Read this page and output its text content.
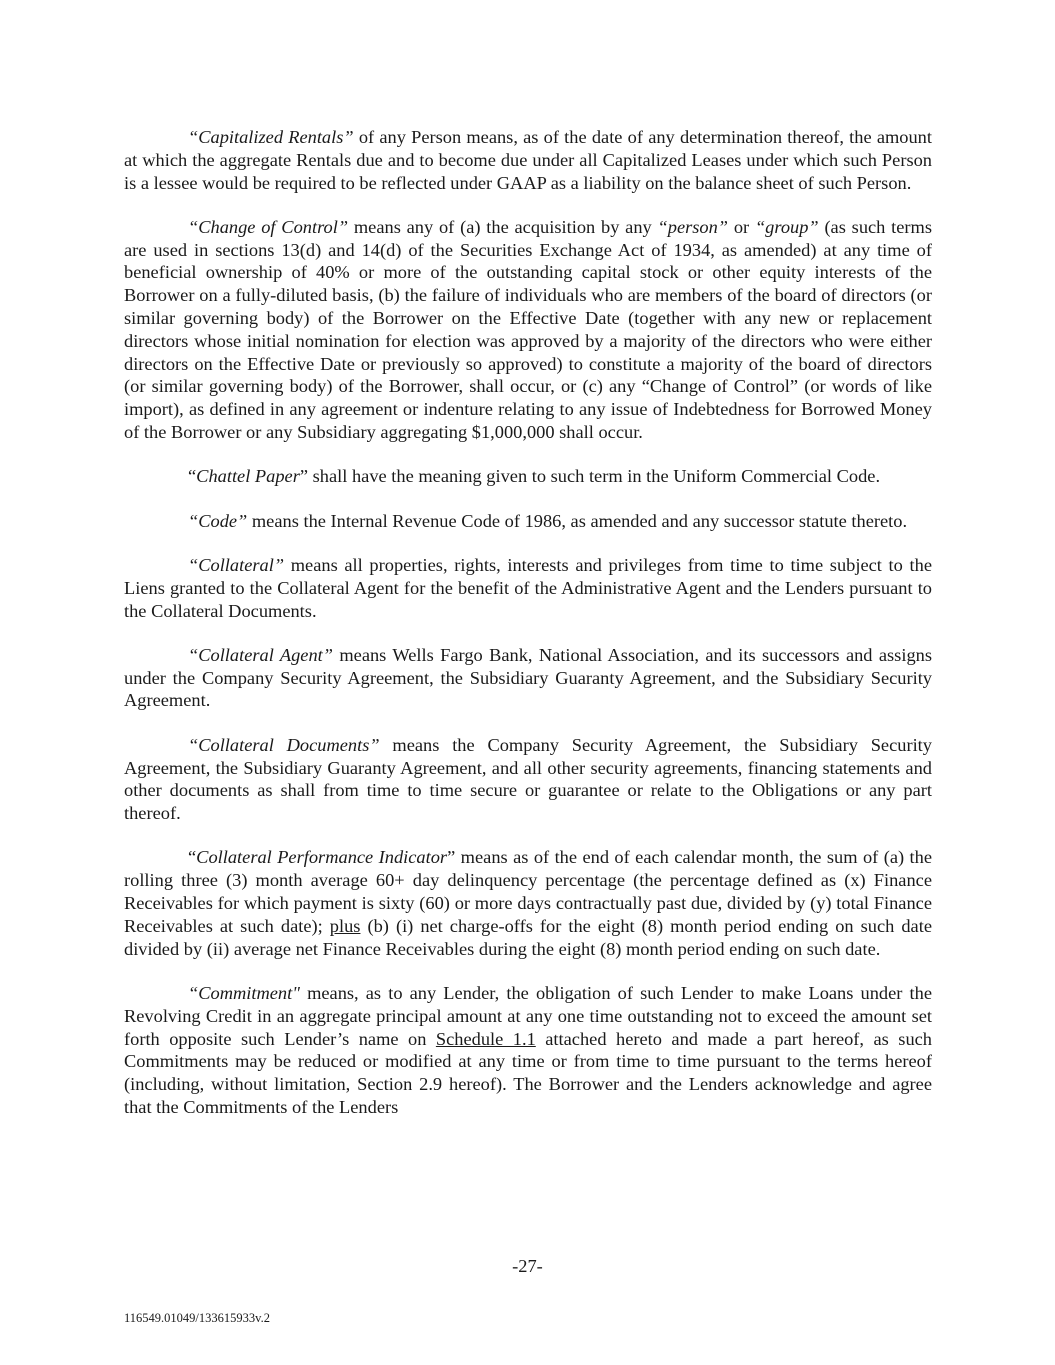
“Capitalized Rentals” of any Person means, as of the date of any determination thereof, the amount at which the aggregate Rentals due and to become due under all Capitalized Leases under which such Person is a lessee would be required to be reflected under GAAP as a liability on the balance sheet of such Person.

“Change of Control” means any of (a) the acquisition by any “person” or “group” (as such terms are used in sections 13(d) and 14(d) of the Securities Exchange Act of 1934, as amended) at any time of beneficial ownership of 40% or more of the outstanding capital stock or other equity interests of the Borrower on a fully-diluted basis, (b) the failure of individuals who are members of the board of directors (or similar governing body) of the Borrower on the Effective Date (together with any new or replacement directors whose initial nomination for election was approved by a majority of the directors who were either directors on the Effective Date or previously so approved) to constitute a majority of the board of directors (or similar governing body) of the Borrower, shall occur, or (c) any “Change of Control” (or words of like import), as defined in any agreement or indenture relating to any issue of Indebtedness for Borrowed Money of the Borrower or any Subsidiary aggregating $1,000,000 shall occur.

“Chattel Paper” shall have the meaning given to such term in the Uniform Commercial Code.

“Code” means the Internal Revenue Code of 1986, as amended and any successor statute thereto.

“Collateral” means all properties, rights, interests and privileges from time to time subject to the Liens granted to the Collateral Agent for the benefit of the Administrative Agent and the Lenders pursuant to the Collateral Documents.

“Collateral Agent” means Wells Fargo Bank, National Association, and its successors and assigns under the Company Security Agreement, the Subsidiary Guaranty Agreement, and the Subsidiary Security Agreement.

“Collateral Documents” means the Company Security Agreement, the Subsidiary Security Agreement, the Subsidiary Guaranty Agreement, and all other security agreements, financing statements and other documents as shall from time to time secure or guarantee or relate to the Obligations or any part thereof.

“Collateral Performance Indicator” means as of the end of each calendar month, the sum of (a) the rolling three (3) month average 60+ day delinquency percentage (the percentage defined as (x) Finance Receivables for which payment is sixty (60) or more days contractually past due, divided by (y) total Finance Receivables at such date); plus (b) (i) net charge-offs for the eight (8) month period ending on such date divided by (ii) average net Finance Receivables during the eight (8) month period ending on such date.

“Commitment" means, as to any Lender, the obligation of such Lender to make Loans under the Revolving Credit in an aggregate principal amount at any one time outstanding not to exceed the amount set forth opposite such Lender’s name on Schedule 1.1 attached hereto and made a part hereof, as such Commitments may be reduced or modified at any time or from time to time pursuant to the terms hereof (including, without limitation, Section 2.9 hereof). The Borrower and the Lenders acknowledge and agree that the Commitments of the Lenders

-27-
116549.01049/133615933v.2
